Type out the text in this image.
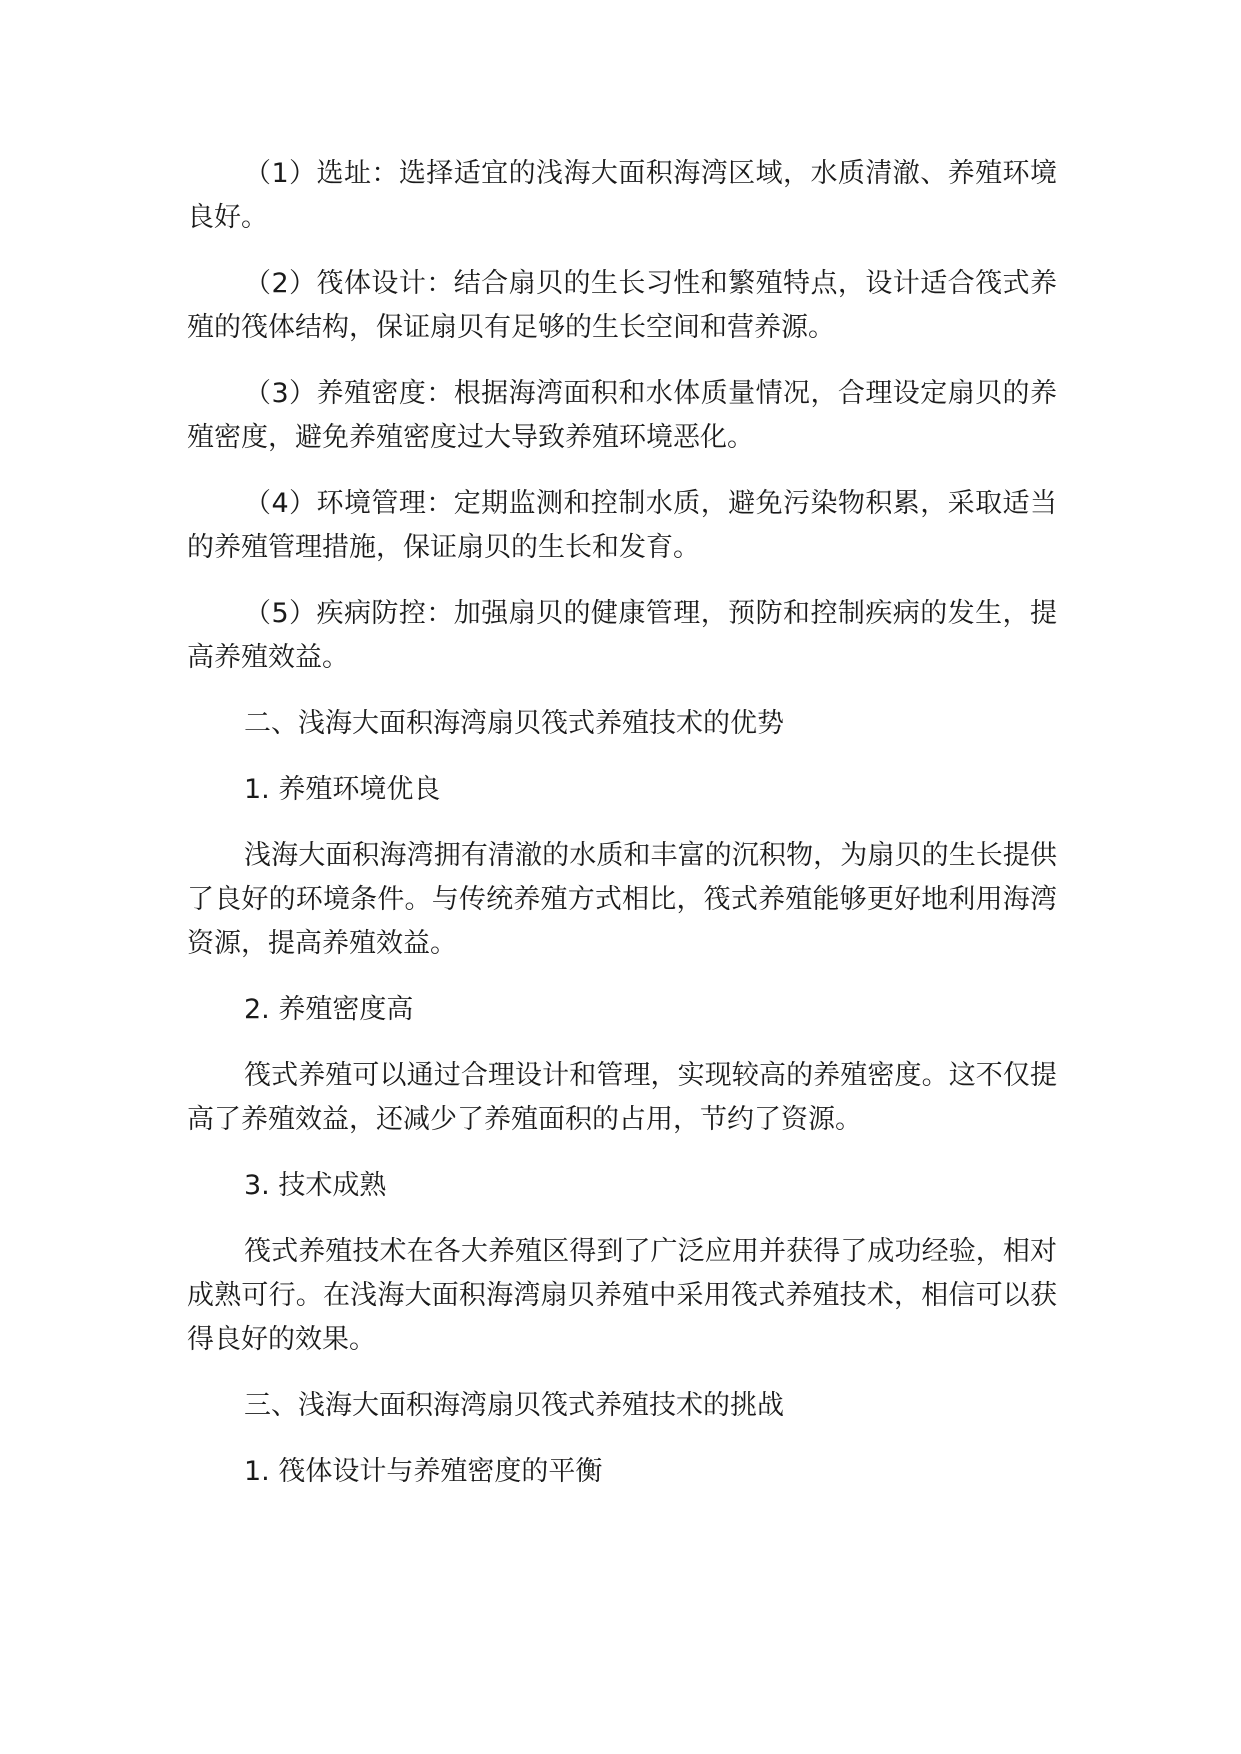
（1）选址：选择适宜的浅海大面积海湾区域，水质清澈、养殖环境良好。

（2）筏体设计：结合扇贝的生长习性和繁殖特点，设计适合筏式养殖的筏体结构，保证扇贝有足够的生长空间和营养源。

（3）养殖密度：根据海湾面积和水体质量情况，合理设定扇贝的养殖密度，避免养殖密度过大导致养殖环境恶化。

（4）环境管理：定期监测和控制水质，避免污染物积累，采取适当的养殖管理措施，保证扇贝的生长和发育。

（5）疾病防控：加强扇贝的健康管理，预防和控制疾病的发生，提高养殖效益。

二、浅海大面积海湾扇贝筏式养殖技术的优势

1. 养殖环境优良

浅海大面积海湾拥有清澈的水质和丰富的沉积物，为扇贝的生长提供了良好的环境条件。与传统养殖方式相比，筏式养殖能够更好地利用海湾资源，提高养殖效益。

2. 养殖密度高

筏式养殖可以通过合理设计和管理，实现较高的养殖密度。这不仅提高了养殖效益，还减少了养殖面积的占用，节约了资源。

3. 技术成熟

筏式养殖技术在各大养殖区得到了广泛应用并获得了成功经验，相对成熟可行。在浅海大面积海湾扇贝养殖中采用筏式养殖技术，相信可以获得良好的效果。

三、浅海大面积海湾扇贝筏式养殖技术的挑战

1. 筏体设计与养殖密度的平衡
